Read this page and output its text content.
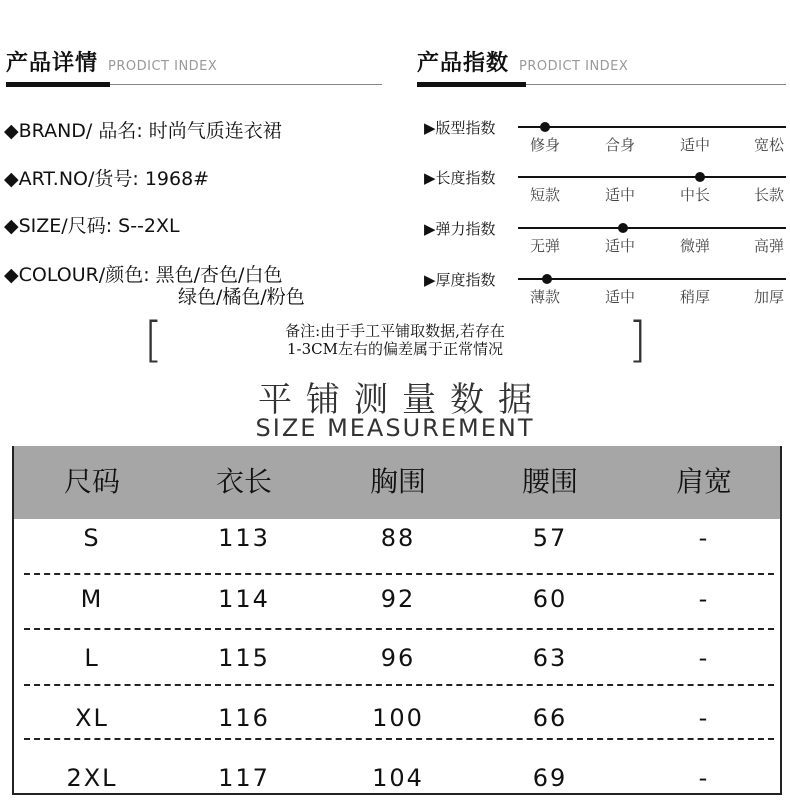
产品详情 PRODICT INDEX	产品指数 PRODICT INDEX
◆BRAND/ 品名: 时尚气质连衣裙
◆ART.NO/货号: 1968#
◆SIZE/尺码: S--2XL
◆COLOUR/颜色: 黑色/杏色/白色
绿色/橘色/粉色
▶版型指数
修身	合身	适中	宽松
▶长度指数
短款	适中	中长	长款
▶弹力指数
无弹	适中	微弹	高弹
▶厚度指数
薄款	适中	稍厚	加厚
[	]
备注:由于手工平铺取数据,若存在
1-3CM左右的偏差属于正常情况
平铺测量数据
SIZE MEASUREMENT
尺码	衣长	胸围	腰围	肩宽
S	113	88	57	-
M	114	92	60	-
L	115	96	63	-
XL	116	100	66	-
2XL	117	104	69	-
